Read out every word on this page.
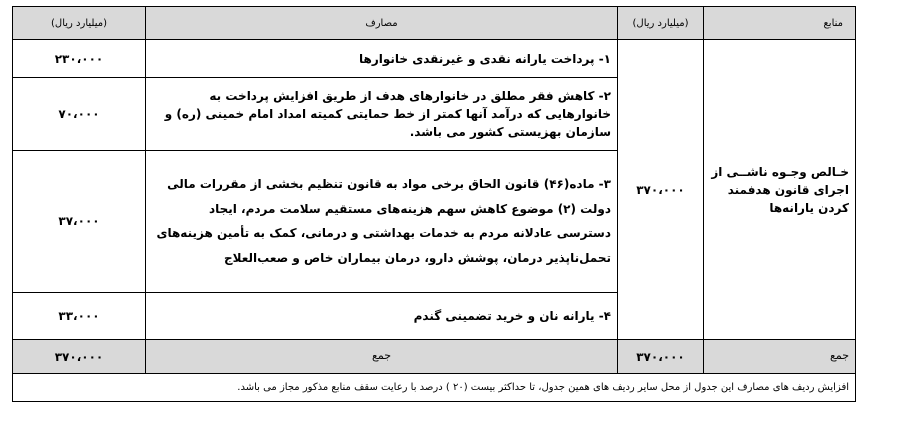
منابع	(میلیارد ریال)	مصارف	(میلیارد ریال)
خـالص وجـوه ناشــی از اجرای قانون هدفمند کردن یارانه‌ها	۳۷۰،۰۰۰	۱- پرداخت یارانه نقدی و غیرنقدی خانوارها	۲۳۰،۰۰۰
		۲- کاهش فقر مطلق در خانوارهای هدف از طریق افزایش پرداخت به خانوارهایی که درآمد آنها کمتر از خط حمایتی کمیته امداد امام خمینی (ره) و سازمان بهزیستی کشور می باشد.	۷۰،۰۰۰
		۳- ماده(۴۶) قانون الحاق برخی مواد به قانون تنظیم بخشی از مقررات مالی دولت (۲) موضوع کاهش سهم هزینه‌های مستقیم سلامت مردم، ایجاد دسترسی عادلانه مردم به خدمات بهداشتی و درمانی، کمک به تأمین هزینه‌های تحمل‌ناپذیر درمان، پوشش دارو، درمان بیماران خاص و صعب‌العلاج	۳۷،۰۰۰
		۴- یارانه نان و خرید تضمینی گندم	۳۳،۰۰۰
جمع	۳۷۰،۰۰۰	جمع	۳۷۰،۰۰۰
افزایش ردیف های مصارف این جدول از محل سایر ردیف های همین جدول، تا حداکثر بیست (۲۰ ) درصد با رعایت سقف منابع مذکور مجاز می باشد.			
